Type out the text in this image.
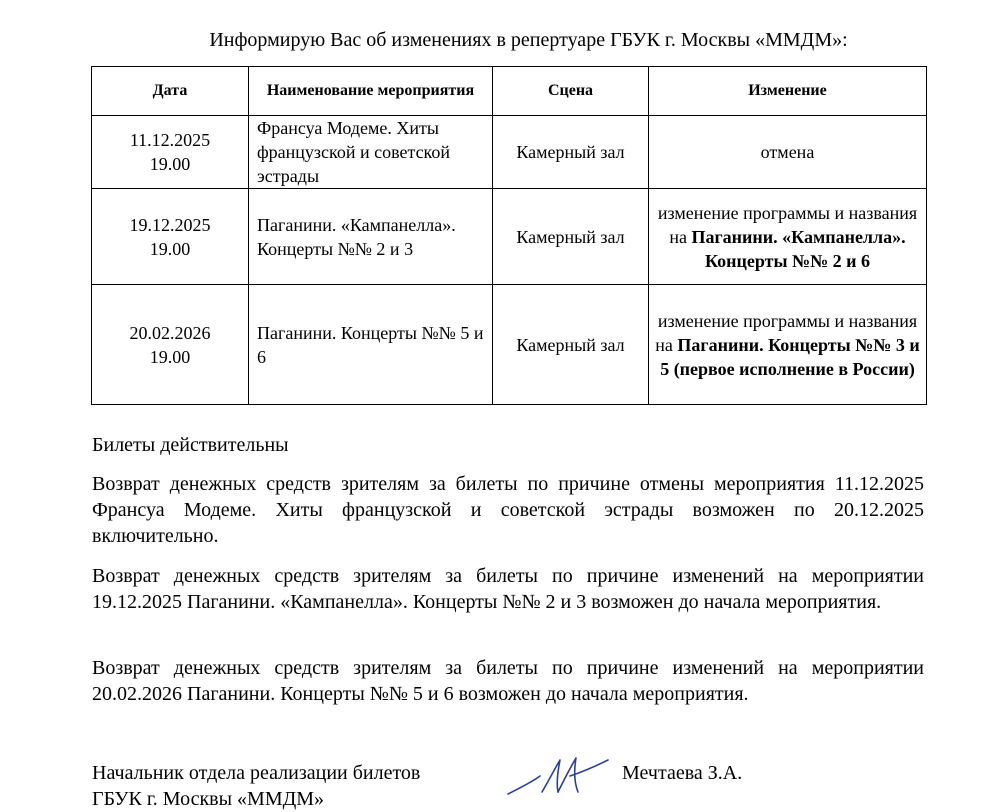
Информирую Вас об изменениях в репертуаре ГБУК г. Москвы «ММДМ»:
Дата	Наименование мероприятия	Сцена	Изменение

11.12.2025
19.00	Франсуа Модеме. Хиты французской и советской эстрады	Камерный зал	отмена

19.12.2025
19.00	Паганини. «Кампанелла». Концерты №№ 2 и 3	Камерный зал	изменение программы и названия на Паганини. «Кампанелла». Концерты №№ 2 и 6

20.02.2026
19.00	Паганини. Концерты №№ 5 и 6	Камерный зал	изменение программы и названия на Паганини. Концерты №№ 3 и 5 (первое исполнение в России)
Билеты действительны
Возврат денежных средств зрителям за билеты по причине отмены мероприятия 11.12.2025 Франсуа Модеме. Хиты французской и советской эстрады возможен по 20.12.2025 включительно.
Возврат денежных средств зрителям за билеты по причине изменений на мероприятии 19.12.2025 Паганини. «Кампанелла». Концерты №№ 2 и 3 возможен до начала мероприятия.
Возврат денежных средств зрителям за билеты по причине изменений на мероприятии 20.02.2026 Паганини. Концерты №№ 5 и 6 возможен до начала мероприятия.
Начальник отдела реализации билетов
ГБУК г. Москвы «ММДМ»
Мечтаева З.А.
